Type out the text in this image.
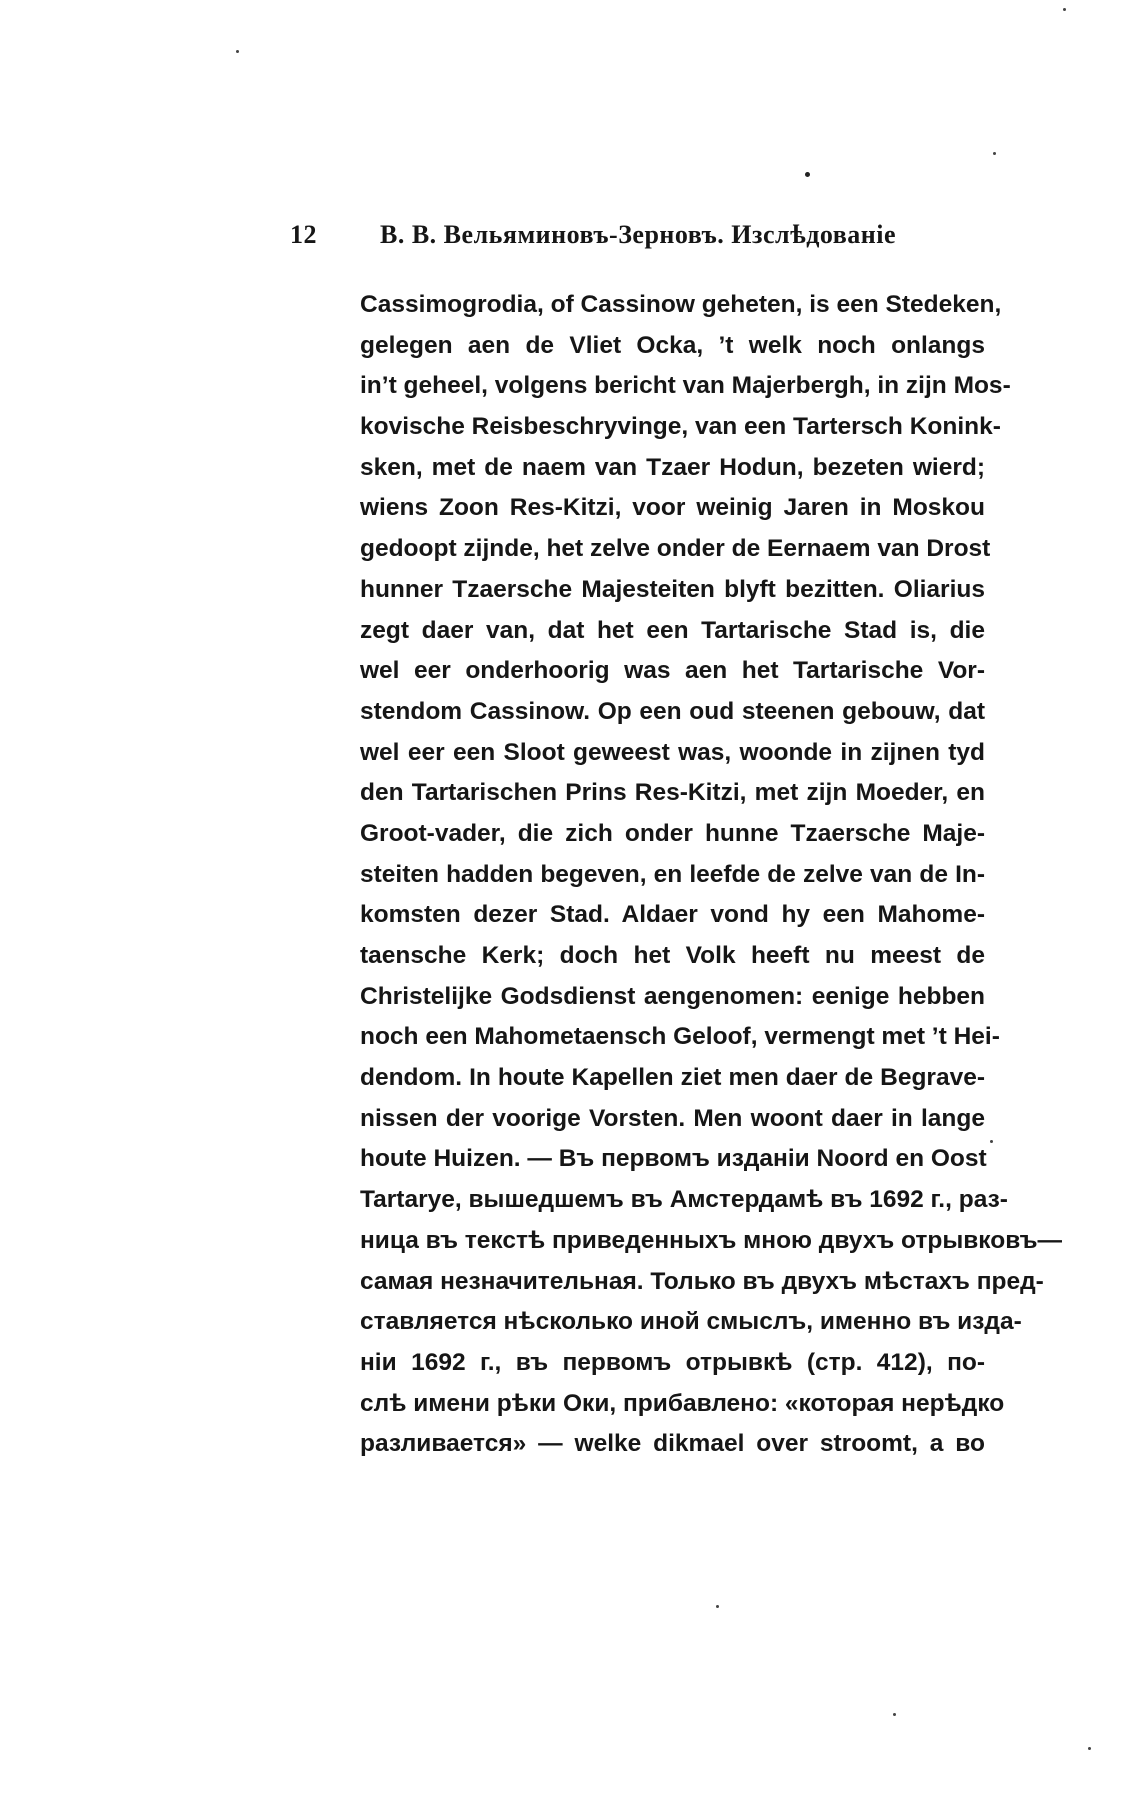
12 В. В. Вельяминовъ-Зерновъ. Изслѣдованіе
Cassimogrodia, of Cassinow geheten, is een Stedeken,
gelegen aen de Vliet Ocka, ’t welk noch onlangs
in’t geheel, volgens bericht van Majerbergh, in zijn Mos-
kovische Reisbeschryvinge, van een Tartersch Konink-
sken, met de naem van Tzaer Hodun, bezeten wierd;
wiens Zoon Res-Kitzi, voor weinig Jaren in Moskou
gedoopt zijnde, het zelve onder de Eernaem van Drost
hunner Tzaersche Majesteiten blyft bezitten. Oliarius
zegt daer van, dat het een Tartarische Stad is, die
wel eer onderhoorig was aen het Tartarische Vor-
stendom Cassinow. Op een oud steenen gebouw, dat
wel eer een Sloot geweest was, woonde in zijnen tyd
den Tartarischen Prins Res-Kitzi, met zijn Moeder, en
Groot-vader, die zich onder hunne Tzaersche Maje-
steiten hadden begeven, en leefde de zelve van de In-
komsten dezer Stad. Aldaer vond hy een Mahome-
taensche Kerk; doch het Volk heeft nu meest de
Christelijke Godsdienst aengenomen: eenige hebben
noch een Mahometaensch Geloof, vermengt met ’t Hei-
dendom. In houte Kapellen ziet men daer de Begrave-
nissen der voorige Vorsten. Men woont daer in lange
houte Huizen. — Въ первомъ изданіи Noord en Oost
Tartarye, вышедшемъ въ Амстердамѣ въ 1692 г., раз-
ница въ текстѣ приведенныхъ мною двухъ отрывковъ—
самая незначительная. Только въ двухъ мѣстахъ пред-
ставляется нѣсколько иной смыслъ, именно въ изда-
ніи 1692 г., въ первомъ отрывкѣ (стр. 412), по-
слѣ имени рѣки Оки, прибавлено: «которая нерѣдко
разливается» — welke dikmael over stroomt, а во
